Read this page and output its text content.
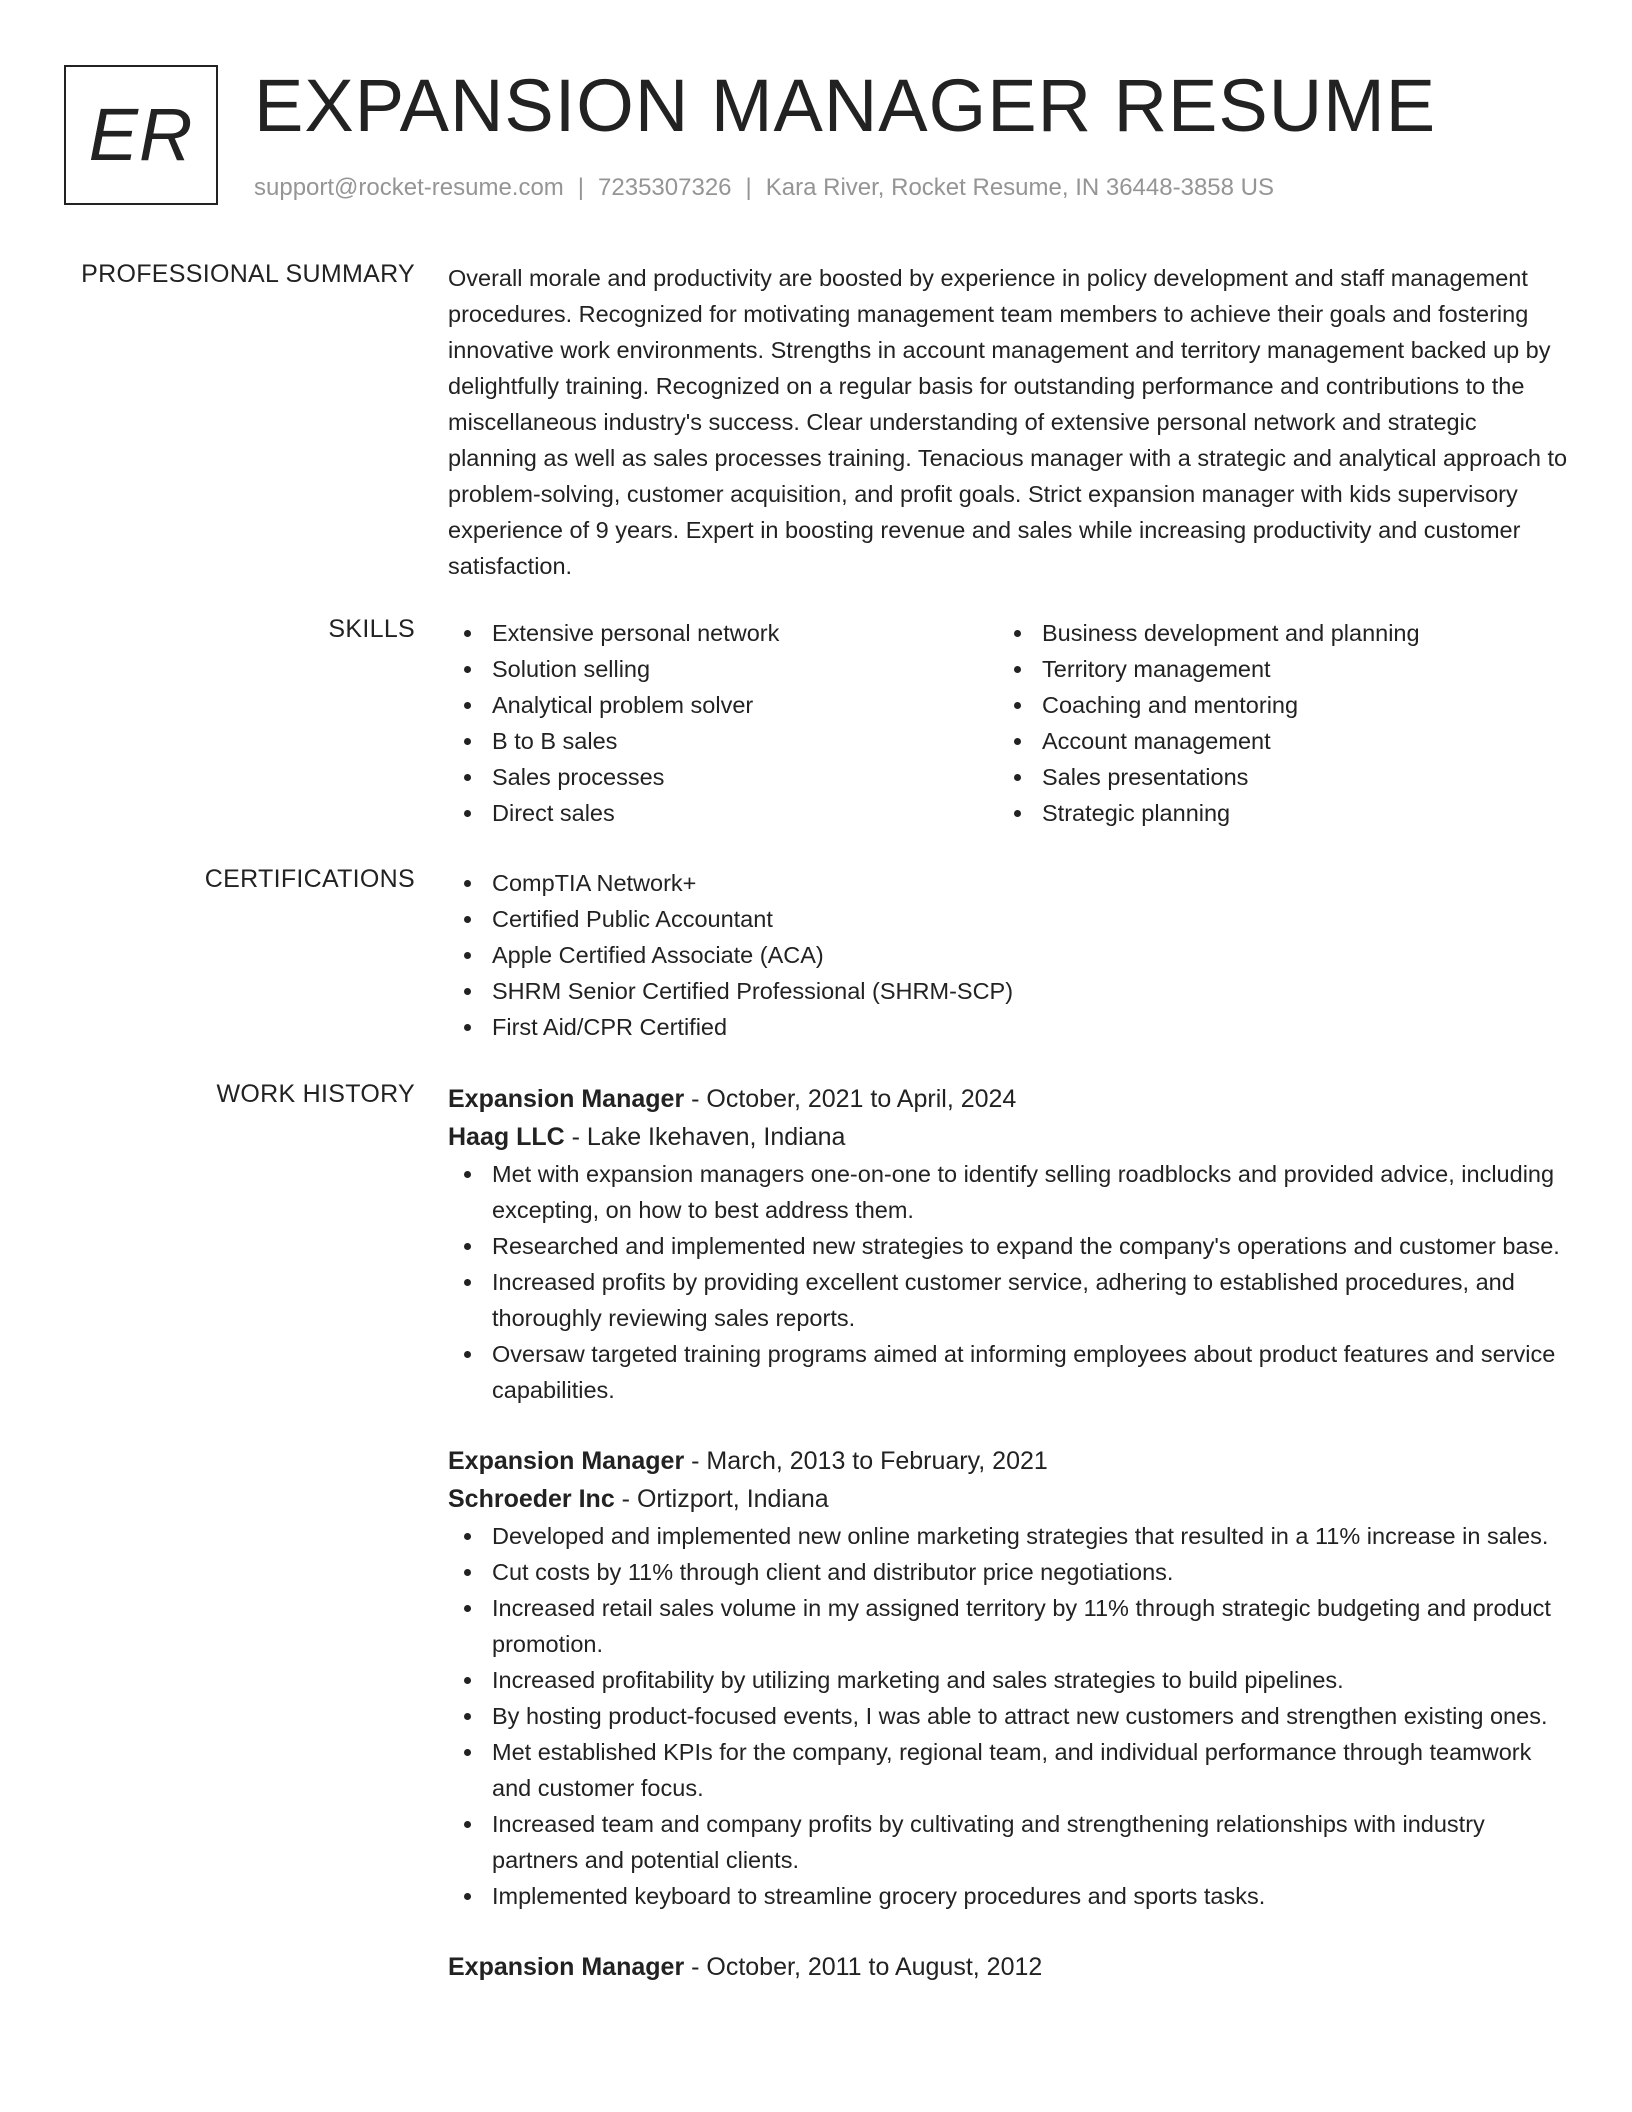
ER EXPANSION MANAGER RESUME
support@rocket-resume.com | 7235307326 | Kara River, Rocket Resume, IN 36448-3858 US
PROFESSIONAL SUMMARY Overall morale and productivity are boosted by experience in policy development and staff management procedures. Recognized for motivating management team members to achieve their goals and fostering innovative work environments. Strengths in account management and territory management backed up by delightfully training. Recognized on a regular basis for outstanding performance and contributions to the miscellaneous industry's success. Clear understanding of extensive personal network and strategic planning as well as sales processes training. Tenacious manager with a strategic and analytical approach to problem-solving, customer acquisition, and profit goals. Strict expansion manager with kids supervisory experience of 9 years. Expert in boosting revenue and sales while increasing productivity and customer satisfaction.

SKILLS	Extensive personal network
Solution selling
Analytical problem solver
B to B sales
Sales processes
Direct sales
Business development and planning
Territory management
Coaching and mentoring
Account management
Sales presentations
Strategic planning
CERTIFICATIONS	CompTIA Network+
Certified Public Accountant
Apple Certified Associate (ACA)
SHRM Senior Certified Professional (SHRM-SCP)
First Aid/CPR Certified
WORK HISTORY Expansion Manager - October, 2021 to April, 2024
Haag LLC - Lake Ikehaven, Indiana
Met with expansion managers one-on-one to identify selling roadblocks and provided advice, including excepting, on how to best address them.
Researched and implemented new strategies to expand the company's operations and customer base.
Increased profits by providing excellent customer service, adhering to established procedures, and thoroughly reviewing sales reports.
Oversaw targeted training programs aimed at informing employees about product features and service capabilities.
Expansion Manager - March, 2013 to February, 2021
Schroeder Inc - Ortizport, Indiana
Developed and implemented new online marketing strategies that resulted in a 11% increase in sales.
Cut costs by 11% through client and distributor price negotiations.
Increased retail sales volume in my assigned territory by 11% through strategic budgeting and product promotion.
Increased profitability by utilizing marketing and sales strategies to build pipelines.
By hosting product-focused events, I was able to attract new customers and strengthen existing ones.
Met established KPIs for the company, regional team, and individual performance through teamwork and customer focus.
Increased team and company profits by cultivating and strengthening relationships with industry partners and potential clients.
Implemented keyboard to streamline grocery procedures and sports tasks.
Expansion Manager - October, 2011 to August, 2012
